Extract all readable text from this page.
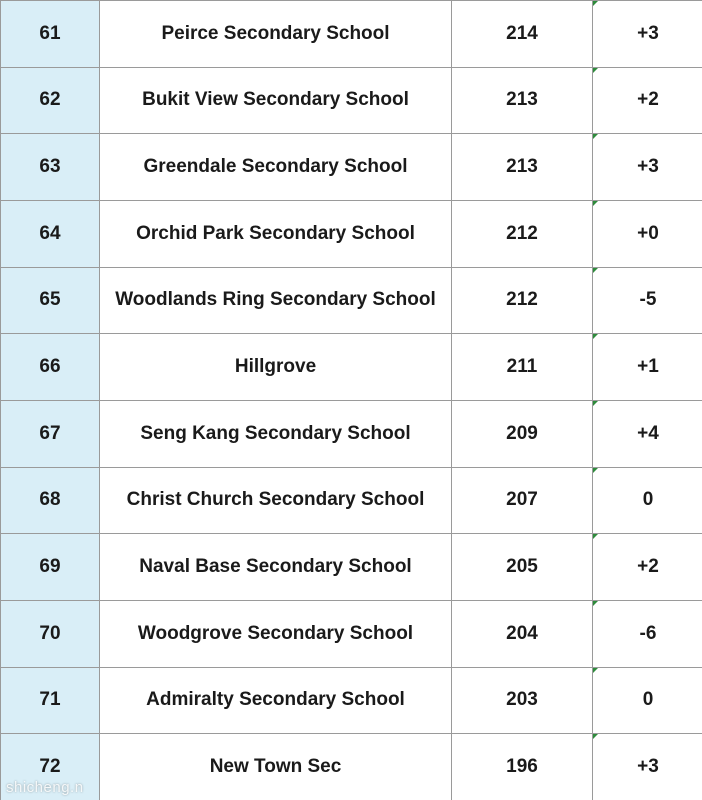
61	Peirce Secondary School	214	+3
62	Bukit View Secondary School	213	+2
63	Greendale Secondary School	213	+3
64	Orchid Park Secondary School	212	+0
65	Woodlands Ring Secondary School	212	-5
66	Hillgrove	211	+1
67	Seng Kang Secondary School	209	+4
68	Christ Church Secondary School	207	0
69	Naval Base Secondary School	205	+2
70	Woodgrove Secondary School	204	-6
71	Admiralty Secondary School	203	0
72	New Town Sec	196	+3
shicheng.n
